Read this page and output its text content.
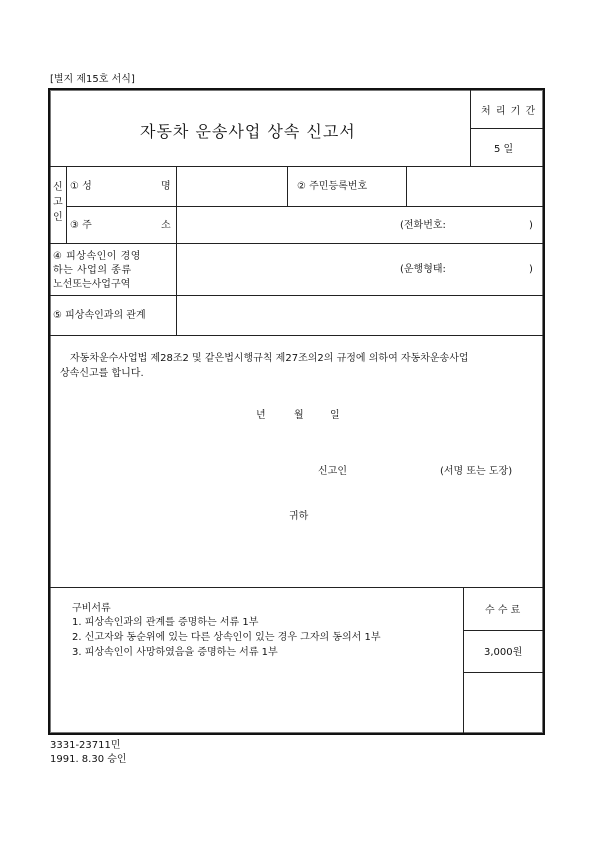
[별지 제15호 서식]
자동차 운송사업 상속 신고서
처 리 기 간
5 일
신
고
인
① 성	명	② 주민등록번호
③ 주	소	(전화번호:	)
④ 피상속인이 경영
하는 사업의 종류
노선또는사업구역
(운행형태:	)
⑤ 피상속인과의 관계
자동차운수사업법 제28조2 및 같은법시행규칙 제27조의2의 규정에 의하여 자동차운송사업
상속신고를 합니다.
년	월	일
신고인	(서명 또는 도장)
귀하
수 수 료
3,000원
구비서류
1. 피상속인과의 관계를 증명하는 서류 1부
2. 신고자와 동순위에 있는 다른 상속인이 있는 경우 그자의 동의서 1부
3. 피상속인이 사망하였음을 증명하는 서류 1부
3331-23711민
1991. 8.30 승인
